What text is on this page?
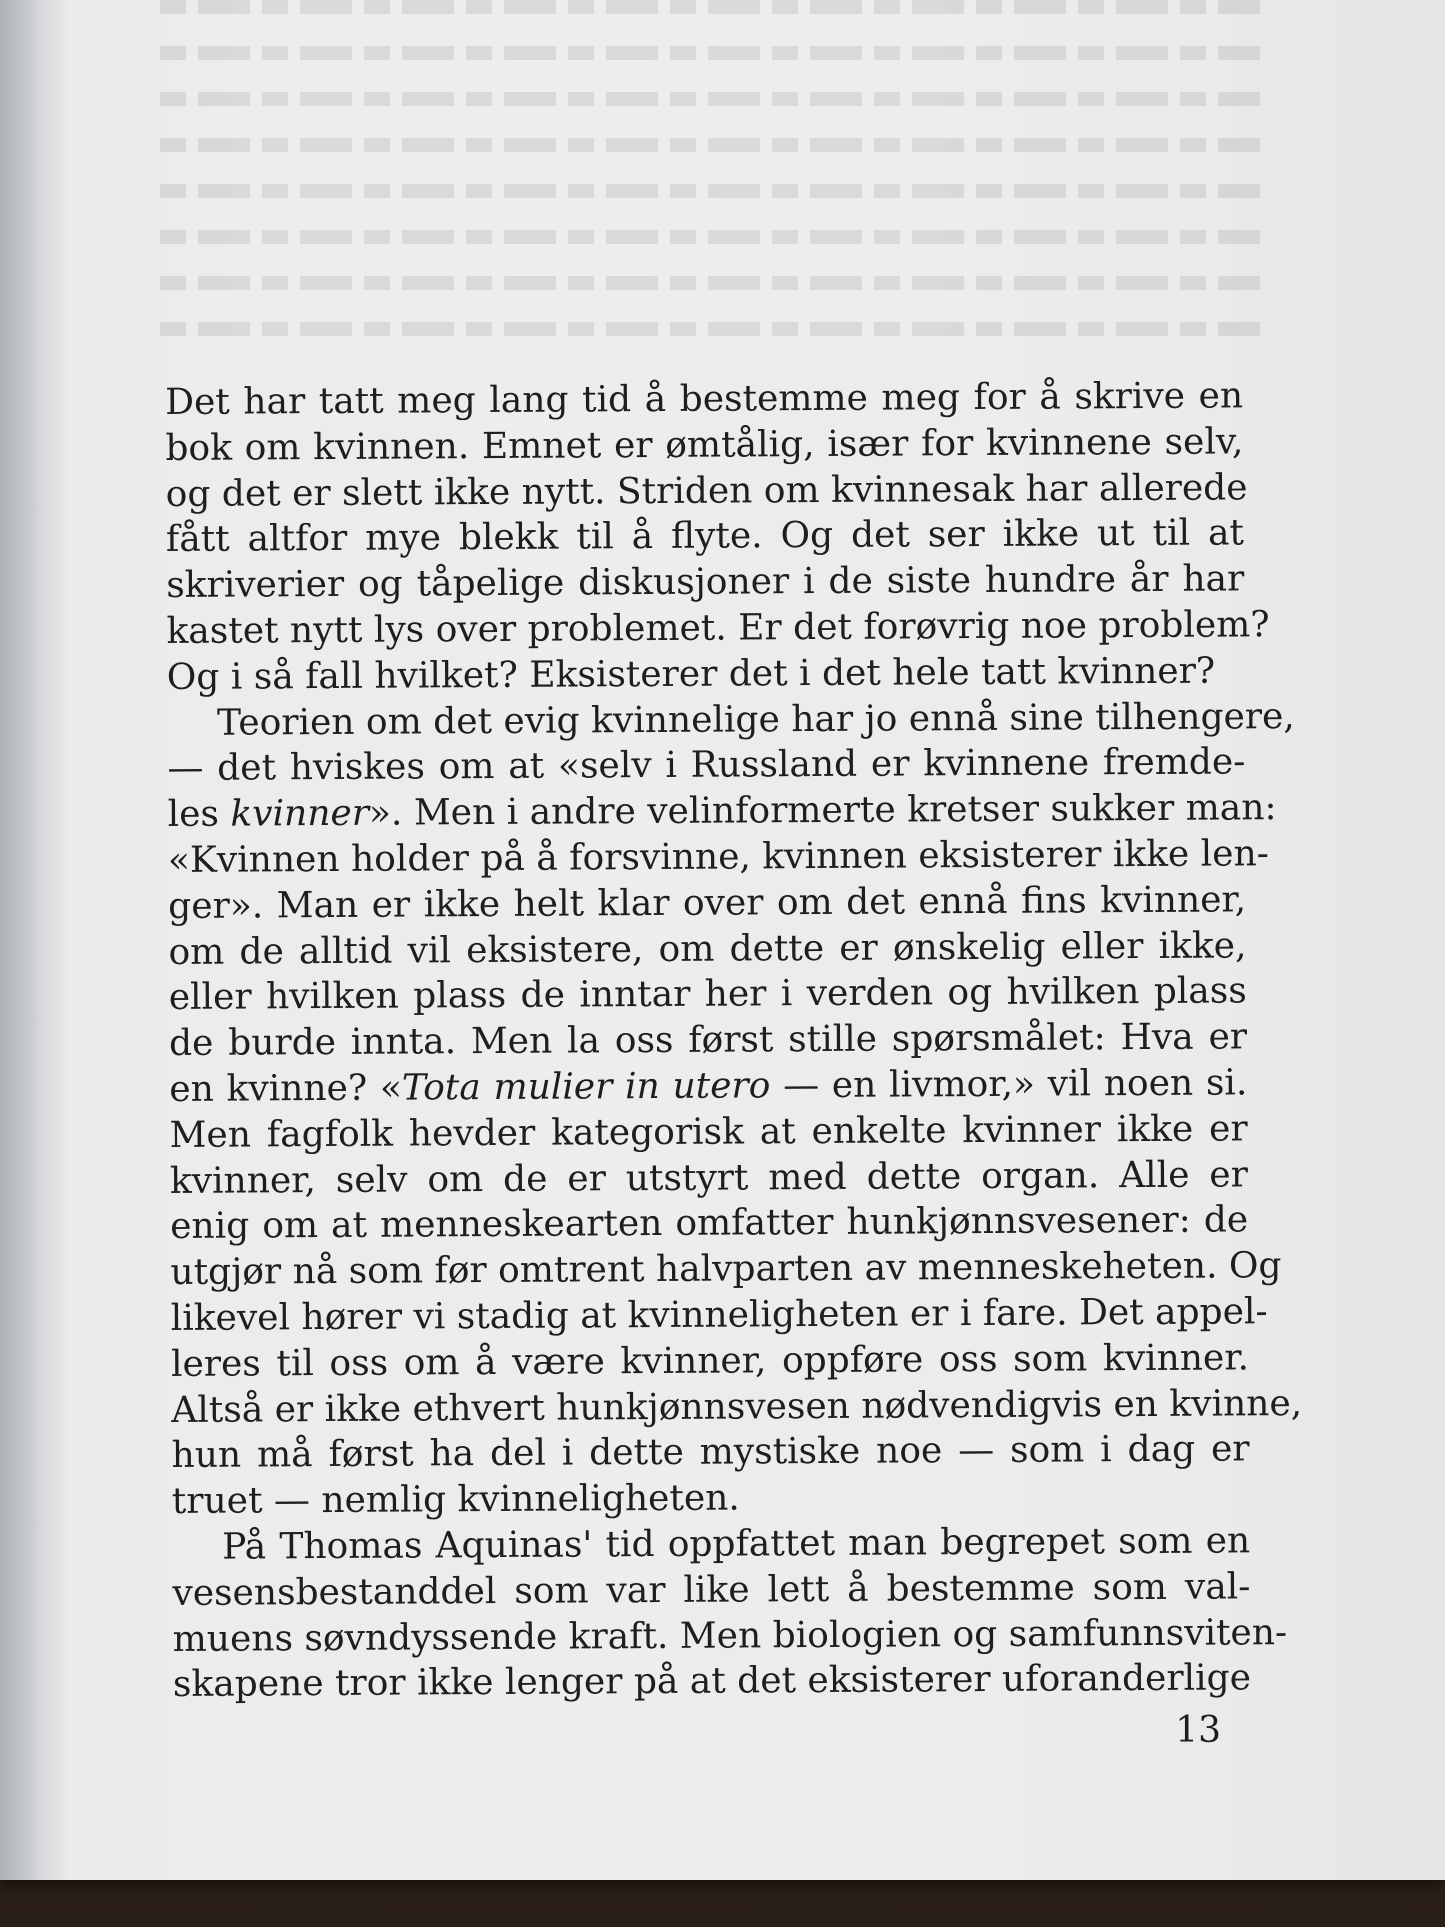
Det har tatt meg lang tid å bestemme meg for å skrive en
bok om kvinnen. Emnet er ømtålig, især for kvinnene selv,
og det er slett ikke nytt. Striden om kvinnesak har allerede
fått altfor mye blekk til å flyte. Og det ser ikke ut til at
skriverier og tåpelige diskusjoner i de siste hundre år har
kastet nytt lys over problemet. Er det forøvrig noe problem?
Og i så fall hvilket? Eksisterer det i det hele tatt kvinner?
Teorien om det evig kvinnelige har jo ennå sine tilhengere,
— det hviskes om at «selv i Russland er kvinnene fremde-
les kvinner». Men i andre velinformerte kretser sukker man:
«Kvinnen holder på å forsvinne, kvinnen eksisterer ikke len-
ger». Man er ikke helt klar over om det ennå fins kvinner,
om de alltid vil eksistere, om dette er ønskelig eller ikke,
eller hvilken plass de inntar her i verden og hvilken plass
de burde innta. Men la oss først stille spørsmålet: Hva er
en kvinne? «Tota mulier in utero — en livmor,» vil noen si.
Men fagfolk hevder kategorisk at enkelte kvinner ikke er
kvinner, selv om de er utstyrt med dette organ. Alle er
enig om at menneskearten omfatter hunkjønnsvesener: de
utgjør nå som før omtrent halvparten av menneskeheten. Og
likevel hører vi stadig at kvinneligheten er i fare. Det appel-
leres til oss om å være kvinner, oppføre oss som kvinner.
Altså er ikke ethvert hunkjønnsvesen nødvendigvis en kvinne,
hun må først ha del i dette mystiske noe — som i dag er
truet — nemlig kvinneligheten.
På Thomas Aquinas' tid oppfattet man begrepet som en
vesensbestanddel som var like lett å bestemme som val-
muens søvndyssende kraft. Men biologien og samfunnsviten-
skapene tror ikke lenger på at det eksisterer uforanderlige
13
